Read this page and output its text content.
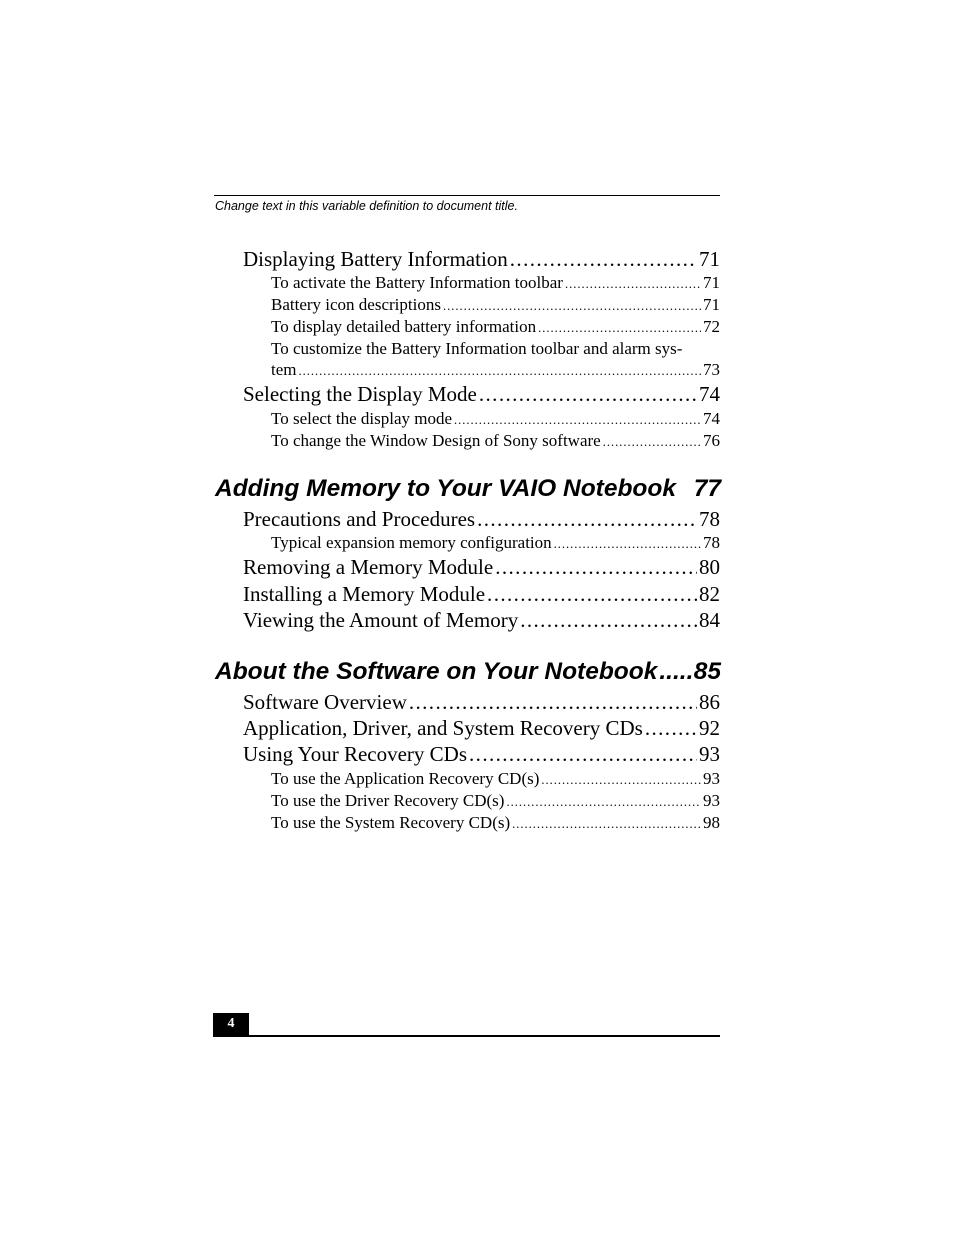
Change text in this variable definition to document title.
Displaying Battery Information .....	71
To activate the Battery Information toolbar .....	71
Battery icon descriptions .....	71
To display detailed battery information .....	72
To customize the Battery Information toolbar and alarm sys-
tem .....	73
Selecting the Display Mode .....	74
To select the display mode .....	74
To change the Window Design of Sony software .....	76
Adding Memory to Your VAIO Notebook 77
Precautions and Procedures .....	78
Typical expansion memory configuration .....	78
Removing a Memory Module .....	80
Installing a Memory Module .....	82
Viewing the Amount of Memory .....	84
About the Software on Your Notebook ..... 85
Software Overview .....	86
Application, Driver, and System Recovery CDs .....	92
Using Your Recovery CDs .....	93
To use the Application Recovery CD(s) .....	93
To use the Driver Recovery CD(s) .....	93
To use the System Recovery CD(s) .....	98
4
